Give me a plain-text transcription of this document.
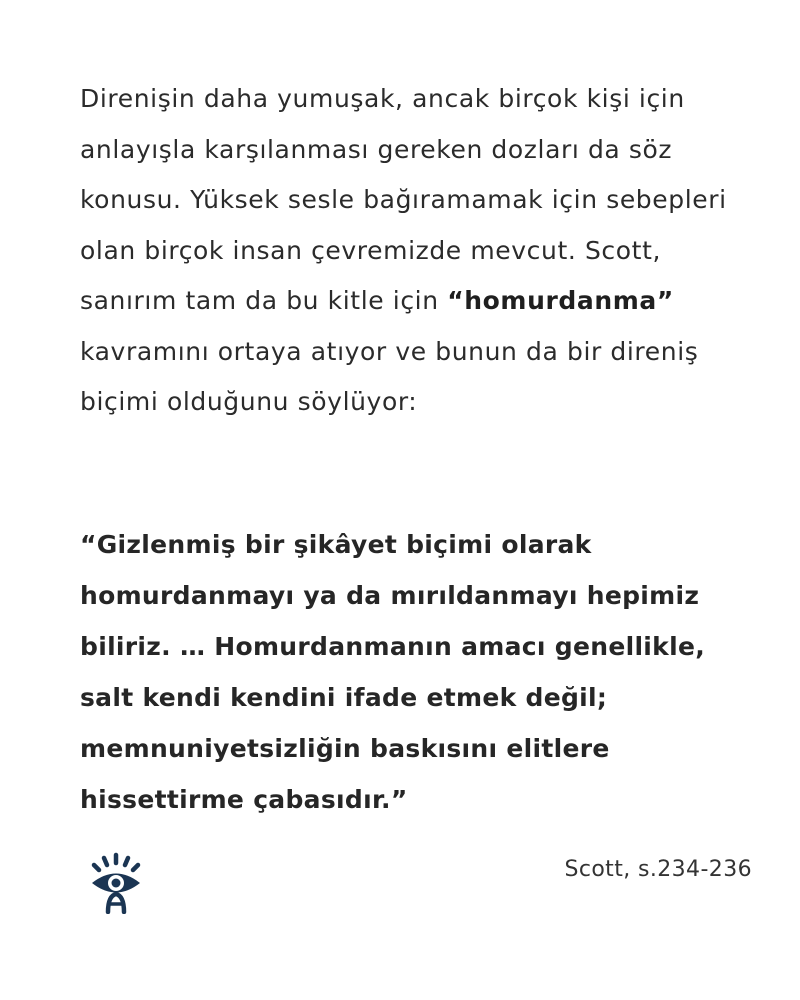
Direnişin daha yumuşak, ancak birçok kişi için anlayışla karşılanması gereken dozları da söz konusu. Yüksek sesle bağıramamak için sebepleri olan birçok insan çevremizde mevcut. Scott, sanırım tam da bu kitle için “homurdanma” kavramını ortaya atıyor ve bunun da bir direniş biçimi olduğunu söylüyor:

“Gizlenmiş bir şikâyet biçimi olarak homurdanmayı ya da mırıldanmayı hepimiz biliriz. … Homurdanmanın amacı genellikle, salt kendi kendini ifade etmek değil; memnuniyetsizliğin baskısını elitlere hissettirme çabasıdır.”

Scott, s.234-236
